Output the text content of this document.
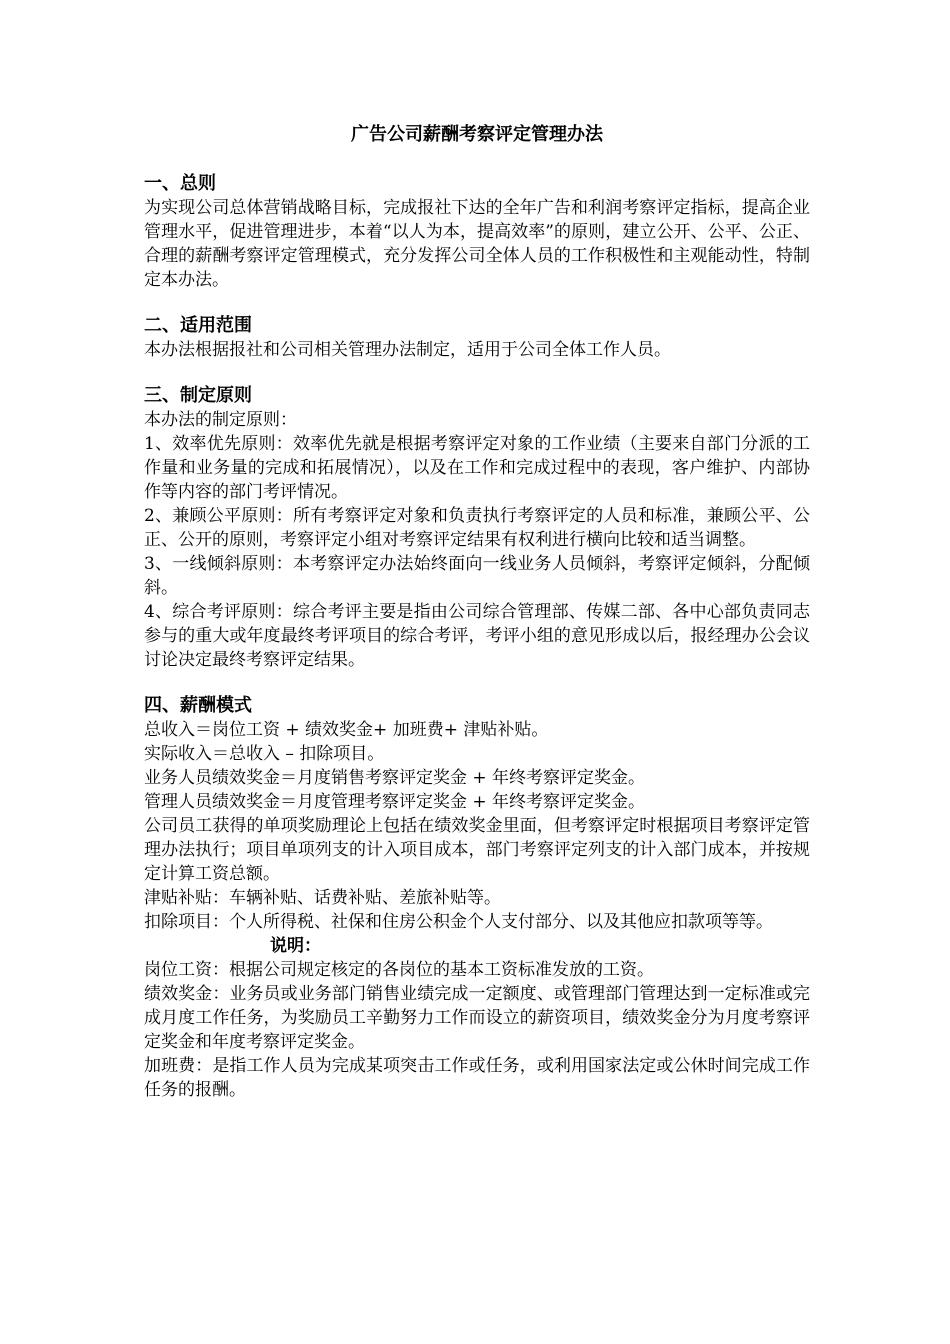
广告公司薪酬考察评定管理办法
一、总则

为实现公司总体营销战略目标，完成报社下达的全年广告和利润考察评定指标，提高企业管理水平，促进管理进步，本着“以人为本，提高效率”的原则，建立公开、公平、公正、合理的薪酬考察评定管理模式，充分发挥公司全体人员的工作积极性和主观能动性，特制定本办法。

二、适用范围

本办法根据报社和公司相关管理办法制定，适用于公司全体工作人员。

三、制定原则

本办法的制定原则：

1、效率优先原则：效率优先就是根据考察评定对象的工作业绩（主要来自部门分派的工作量和业务量的完成和拓展情况），以及在工作和完成过程中的表现，客户维护、内部协作等内容的部门考评情况。

2、兼顾公平原则：所有考察评定对象和负责执行考察评定的人员和标准，兼顾公平、公正、公开的原则，考察评定小组对考察评定结果有权利进行横向比较和适当调整。

3、一线倾斜原则：本考察评定办法始终面向一线业务人员倾斜，考察评定倾斜，分配倾斜。

4、综合考评原则：综合考评主要是指由公司综合管理部、传媒二部、各中心部负责同志参与的重大或年度最终考评项目的综合考评，考评小组的意见形成以后，报经理办公会议讨论决定最终考察评定结果。

四、薪酬模式

总收入＝岗位工资 + 绩效奖金+ 加班费+ 津贴补贴。

实际收入＝总收入 – 扣除项目。

业务人员绩效奖金＝月度销售考察评定奖金 + 年终考察评定奖金。

管理人员绩效奖金＝月度管理考察评定奖金 + 年终考察评定奖金。

公司员工获得的单项奖励理论上包括在绩效奖金里面，但考察评定时根据项目考察评定管理办法执行；项目单项列支的计入项目成本，部门考察评定列支的计入部门成本，并按规定计算工资总额。

津贴补贴：车辆补贴、话费补贴、差旅补贴等。

扣除项目：个人所得税、社保和住房公积金个人支付部分、以及其他应扣款项等等。

说明：

岗位工资：根据公司规定核定的各岗位的基本工资标准发放的工资。

绩效奖金：业务员或业务部门销售业绩完成一定额度、或管理部门管理达到一定标准或完成月度工作任务，为奖励员工辛勤努力工作而设立的薪资项目，绩效奖金分为月度考察评定奖金和年度考察评定奖金。

加班费：是指工作人员为完成某项突击工作或任务，或利用国家法定或公休时间完成工作任务的报酬。
